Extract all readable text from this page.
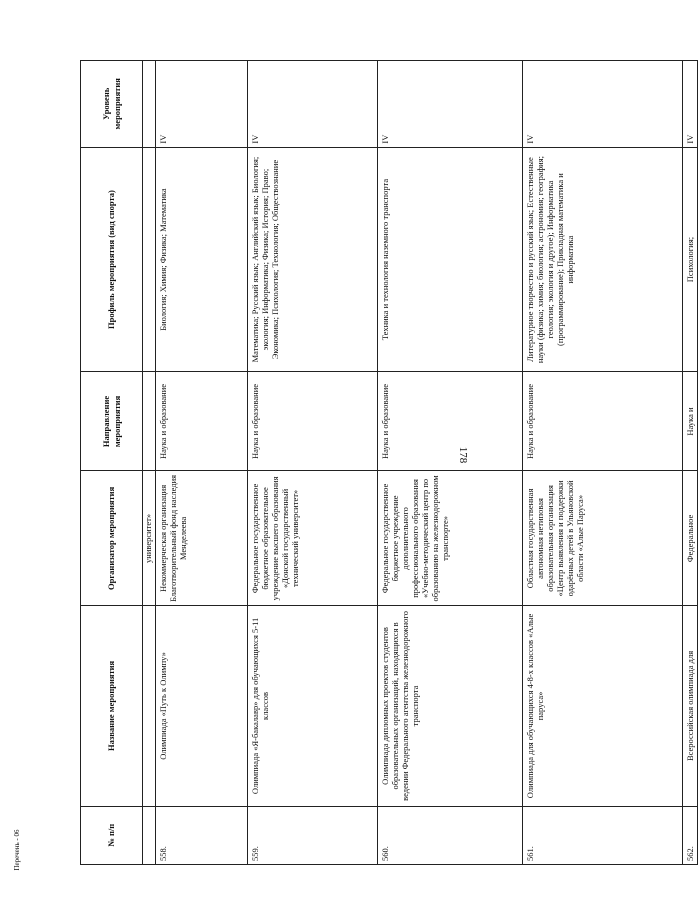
178
№ п/п	Название мероприятия	Организатор мероприятия	Направление мероприятия	Профиль мероприятия (вид спорта)	Уровень мероприятия
		университет»			
558.	Олимпиада «Путь к Олимпу»	Некоммерческая организация Благотворительный фонд наследия Менделеева	Наука и образование	Биология; Химия; Физика; Математика	IV
559.	Олимпиада «Я-бакалавр» для обучающихся 5-11 классов	Федеральное государственное бюджетное образовательное учреждение высшего образования «Донской государственный технический университет»	Наука и образование	Математика; Русский язык; Английский язык; Биология; экология; Информатика; Физика; История; Право; Экономика; Психология; Технология; Обществознание	IV
560.	Олимпиада дипломных проектов студентов образовательных организаций, находящихся в ведении Федерального агентства железнодорожного транспорта	Федеральное государственное бюджетное учреждение дополнительного профессионального образования «Учебно-методический центр по образованию на железнодорожном транспорте»	Наука и образование	Техника и технология наземного транспорта	IV
561.	Олимпиада для обучающихся 4-8-х классов «Алые паруса»	Областная государственная автономная нетиповая образовательная организация «Центр выявления и поддержки одарённых детей в Ульяновской области «Алые Паруса»	Наука и образование	Литературное творчество и русский язык; Естественные науки (физика; химия; биология; астрономия; география; геология; экология и другое); Информатика (программирование); Прикладная математика и информатика	IV
562.	Всероссийская олимпиада для	Федеральное	Наука и	Психология;	IV
Перечень - 06
